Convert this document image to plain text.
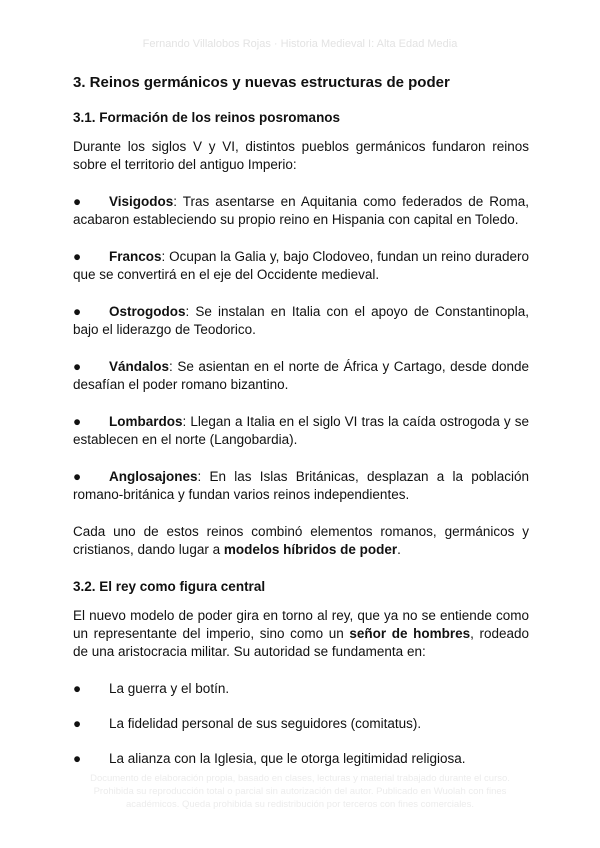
Fernando Villalobos Rojas · Historia Medieval I: Alta Edad Media
3. Reinos germánicos y nuevas estructuras de poder
3.1. Formación de los reinos posromanos

Durante los siglos V y VI, distintos pueblos germánicos fundaron reinos sobre el territorio del antiguo Imperio:

● Visigodos: Tras asentarse en Aquitania como federados de Roma, acabaron estableciendo su propio reino en Hispania con capital en Toledo.

● Francos: Ocupan la Galia y, bajo Clodoveo, fundan un reino duradero que se convertirá en el eje del Occidente medieval.

● Ostrogodos: Se instalan en Italia con el apoyo de Constantinopla, bajo el liderazgo de Teodorico.

● Vándalos: Se asientan en el norte de África y Cartago, desde donde desafían el poder romano bizantino.

● Lombardos: Llegan a Italia en el siglo VI tras la caída ostrogoda y se establecen en el norte (Langobardia).

● Anglosajones: En las Islas Británicas, desplazan a la población romano-británica y fundan varios reinos independientes.

Cada uno de estos reinos combinó elementos romanos, germánicos y cristianos, dando lugar a modelos híbridos de poder.

3.2. El rey como figura central

El nuevo modelo de poder gira en torno al rey, que ya no se entiende como un representante del imperio, sino como un señor de hombres, rodeado de una aristocracia militar. Su autoridad se fundamenta en:

● La guerra y el botín.

● La fidelidad personal de sus seguidores (comitatus).

● La alianza con la Iglesia, que le otorga legitimidad religiosa.

Documento de elaboración propia, basado en clases, lecturas y material trabajado durante el curso. Prohibida su reproducción total o parcial sin autorización del autor. Publicado en Wuolah con fines académicos. Queda prohibida su redistribución por terceros con fines comerciales.
